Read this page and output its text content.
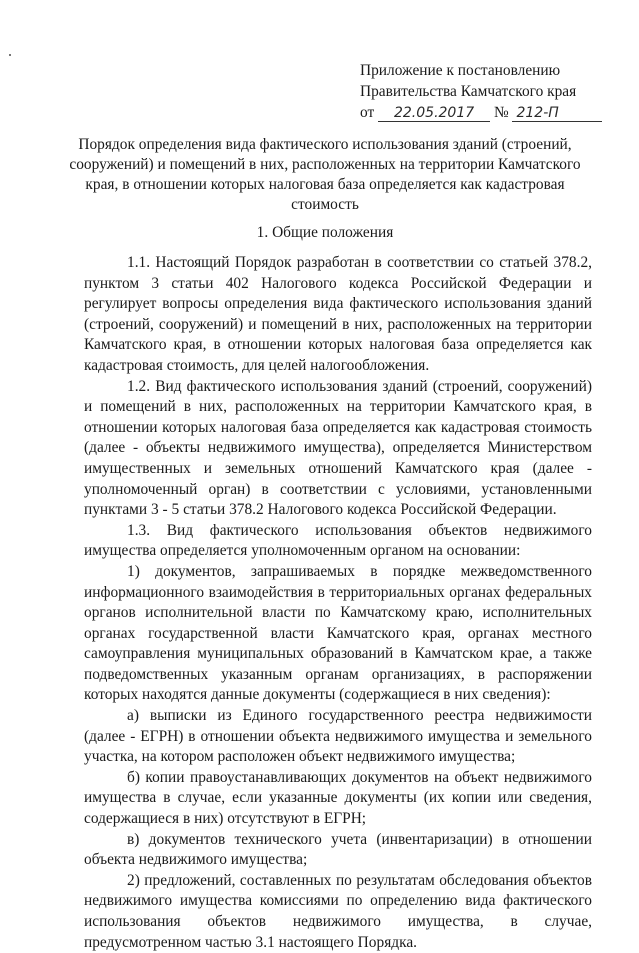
Приложение к постановлению
Правительства Камчатского края
от 22.05.2017 № 212-П
Порядок определения вида фактического использования зданий (строений, сооружений) и помещений в них, расположенных на территории Камчатского края, в отношении которых налоговая база определяется как кадастровая стоимость
1. Общие положения

1.1. Настоящий Порядок разработан в соответствии со статьей 378.2, пунктом 3 статьи 402 Налогового кодекса Российской Федерации и регулирует вопросы определения вида фактического использования зданий (строений, сооружений) и помещений в них, расположенных на территории Камчатского края, в отношении которых налоговая база определяется как кадастровая стоимость, для целей налогообложения.

1.2. Вид фактического использования зданий (строений, сооружений) и помещений в них, расположенных на территории Камчатского края, в отношении которых налоговая база определяется как кадастровая стоимость (далее - объекты недвижимого имущества), определяется Министерством имущественных и земельных отношений Камчатского края (далее - уполномоченный орган) в соответствии с условиями, установленными пунктами 3 - 5 статьи 378.2 Налогового кодекса Российской Федерации.

1.3. Вид фактического использования объектов недвижимого имущества определяется уполномоченным органом на основании:

1) документов, запрашиваемых в порядке межведомственного информационного взаимодействия в территориальных органах федеральных органов исполнительной власти по Камчатскому краю, исполнительных органах государственной власти Камчатского края, органах местного самоуправления муниципальных образований в Камчатском крае, а также подведомственных указанным органам организациях, в распоряжении которых находятся данные документы (содержащиеся в них сведения):

а) выписки из Единого государственного реестра недвижимости (далее - ЕГРН) в отношении объекта недвижимого имущества и земельного участка, на котором расположен объект недвижимого имущества;

б) копии правоустанавливающих документов на объект недвижимого имущества в случае, если указанные документы (их копии или сведения, содержащиеся в них) отсутствуют в ЕГРН;

в) документов технического учета (инвентаризации) в отношении объекта недвижимого имущества;

2) предложений, составленных по результатам обследования объектов недвижимого имущества комиссиями по определению вида фактического использования объектов недвижимого имущества, в случае, предусмотренном частью 3.1 настоящего Порядка.
